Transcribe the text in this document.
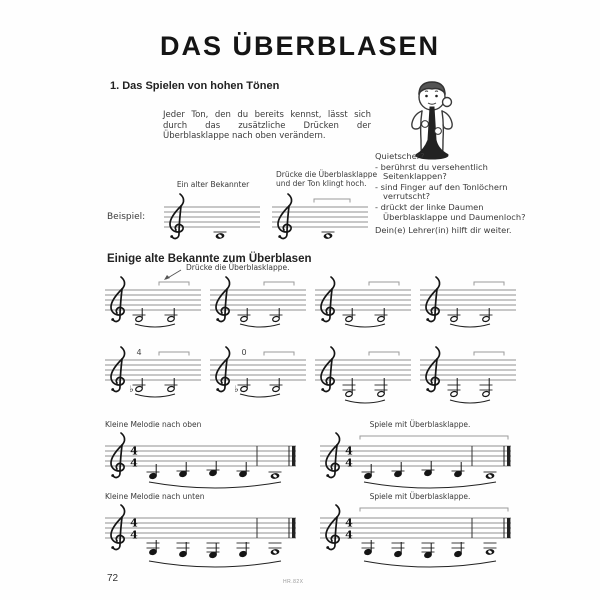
DAS ÜBERBLASEN
1. Das Spielen von hohen Tönen
Jeder Ton, den du bereits kennst, lässt sich durch das zusätzliche Drücken der Überblasklappe nach oben verändern.
Quietscher?
- berührst du versehentlich Seitenklappen?
- sind Finger auf den Tonlöchern verrutscht?
- drückt der linke Daumen Überblasklappe und Daumenloch?
Dein(e) Lehrer(in) hilft dir weiter.
Beispiel:
Ein alter Bekannter
Drücke die Überblasklappe und der Ton klingt hoch.
Einige alte Bekannte zum Überblasen
Drücke die Überblasklappe.
♭
4
♭
0
Kleine Melodie nach oben	Spiele mit Überblasklappe.
4
4
4
4
Kleine Melodie nach unten	Spiele mit Überblasklappe.
4
4
4
4
72	HR.82X
